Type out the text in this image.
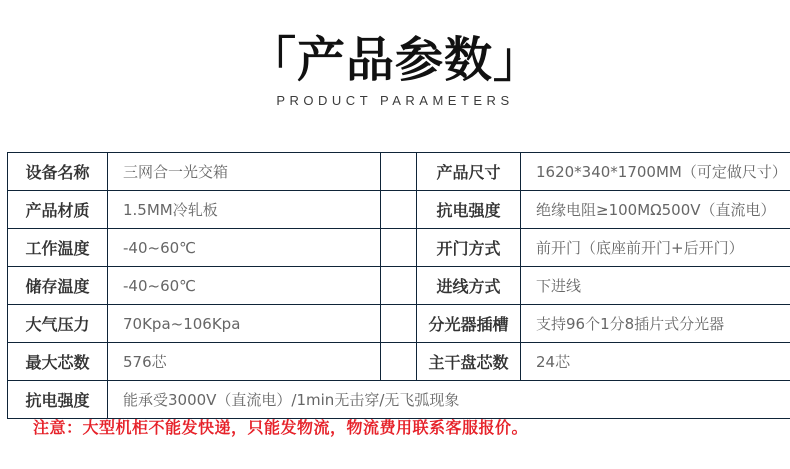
「产品参数」
PRODUCT PARAMETERS
设备名称	三网合一光交箱		产品尺寸	1620*340*1700MM（可定做尺寸）
产品材质	1.5MM冷轧板		抗电强度	绝缘电阻≥100MΩ500V（直流电）
工作温度	-40~60℃		开门方式	前开门（底座前开门+后开门）
储存温度	-40~60℃		进线方式	下进线
大气压力	70Kpa~106Kpa		分光器插槽	支持96个1分8插片式分光器
最大芯数	576芯		主干盘芯数	24芯
抗电强度	能承受3000V（直流电）/1min无击穿/无飞弧现象			
注意：大型机柜不能发快递，只能发物流，物流费用联系客服报价。
